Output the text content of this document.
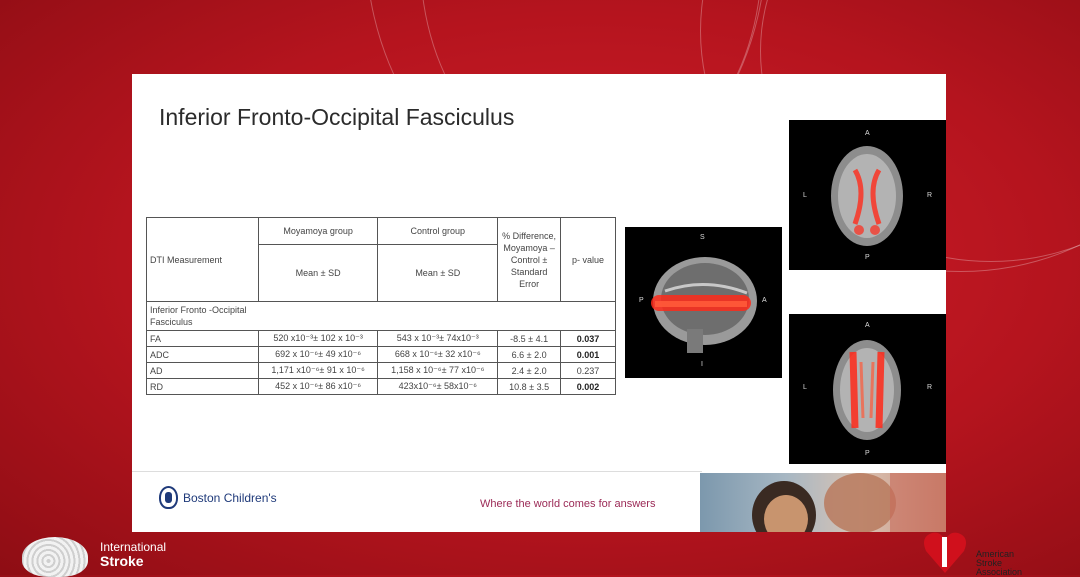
Inferior Fronto-Occipital Fasciculus
DTI Measurement	Moyamoya group	Control group	% Difference, Moyamoya – Control ± Standard Error	p- value
	Mean ± SD	Mean ± SD		
Inferior Fronto -Occipital Fasciculus				
FA	520 x10⁻³± 102 x 10⁻³	543 x 10⁻³± 74x10⁻³	-8.5 ± 4.1	0.037
ADC	692 x 10⁻⁶± 49 x10⁻⁶	668 x 10⁻⁶± 32 x10⁻⁶	6.6 ± 2.0	0.001
AD	1,171 x10⁻⁶± 91 x 10⁻⁶	1,158 x 10⁻⁶± 77 x10⁻⁶	2.4 ± 2.0	0.237
RD	452 x 10⁻⁶± 86 x10⁻⁶	423x10⁻⁶± 58x10⁻⁶	10.8 ± 3.5	0.002
S
P	A
I
A
L	R
P
A
L	R
P
Boston Children's	Where the world comes for answers
International
Stroke	American
Stroke
Association
